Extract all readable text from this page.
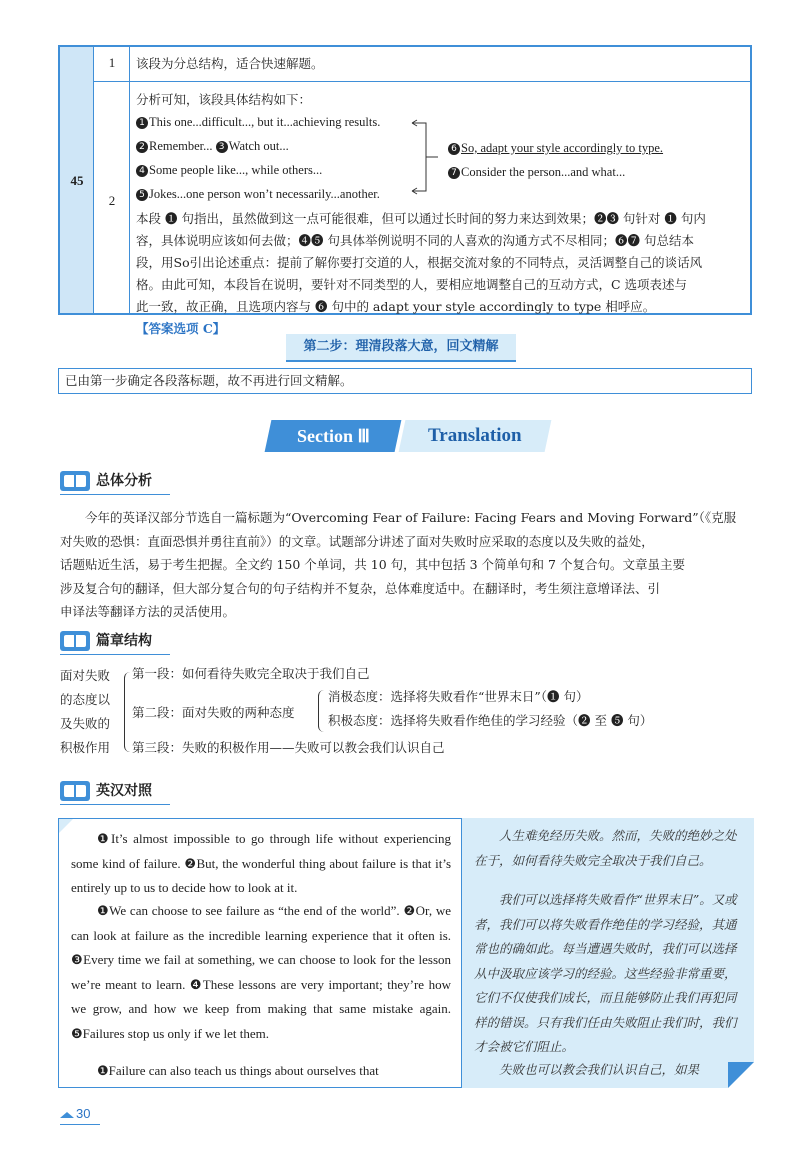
45
1
2
该段为分总结构，适合快速解题。
分析可知，该段具体结构如下：
1 This one...difficult..., but it...achieving results.
2 Remember... 3 Watch out...
4 Some people like..., while others...
5 Jokes...one person won’t necessarily...another.
6 So, adapt your style accordingly to type.
7 Consider the person...and what...
本段 ❶ 句指出，虽然做到这一点可能很难，但可以通过长时间的努力来达到效果；❷❸ 句针对 ❶ 句内
容，具体说明应该如何去做；❹❺ 句具体举例说明不同的人喜欢的沟通方式不尽相同；❻❼ 句总结本
段，用So引出论述重点：提前了解你要打交道的人，根据交流对象的不同特点，灵活调整自己的谈话风
格。由此可知，本段旨在说明，要针对不同类型的人，要相应地调整自己的互动方式，C 选项表述与
此一致，故正确，且选项内容与 ❻ 句中的 adapt your style accordingly to type 相呼应。 【答案选项 C】
第二步：理清段落大意，回文精解
已由第一步确定各段落标题，故不再进行回文精解。
Section Ⅲ	Translation
总体分析
今年的英译汉部分节选自一篇标题为“Overcoming Fear of Failure: Facing Fears and Moving Forward”（《克服
对失败的恐惧：直面恐惧并勇往直前》）的文章。试题部分讲述了面对失败时应采取的态度以及失败的益处，
话题贴近生活，易于考生把握。全文约 150 个单词，共 10 句，其中包括 3 个简单句和 7 个复合句。文章虽主要
涉及复合句的翻译，但大部分复合句的句子结构并不复杂，总体难度适中。在翻译时，考生须注意增译法、引
申译法等翻译方法的灵活使用。
篇章结构
面对失败
的态度以
及失败的
积极作用
第一段：如何看待失败完全取决于我们自己
第二段：面对失败的两种态度
消极态度：选择将失败看作“世界末日”（❶ 句）
积极态度：选择将失败看作绝佳的学习经验（❷ 至 ❺ 句）
第三段：失败的积极作用——失败可以教会我们认识自己
英汉对照
❶It’s almost impossible to go through life without experiencing some kind of failure. ❷But, the wonderful thing about failure is that it’s entirely up to us to decide how to look at it.
❶We can choose to see failure as “the end of the world”. ❷Or, we can look at failure as the incredible learning experience that it often is. ❸Every time we fail at something, we can choose to look for the lesson we’re meant to learn. ❹These lessons are very important; they’re how we grow, and how we keep from making that same mistake again. ❺Failures stop us only if we let them.
❶Failure can also teach us things about ourselves that
人生难免经历失败。然而，失败的绝妙之处在于，如何看待失败完全取决于我们自己。
我们可以选择将失败看作“世界末日”。又或者，我们可以将失败看作绝佳的学习经验，其通常也的确如此。每当遭遇失败时，我们可以选择从中汲取应该学习的经验。这些经验非常重要，它们不仅使我们成长，而且能够防止我们再犯同样的错误。只有我们任由失败阻止我们时，我们才会被它们阻止。
失败也可以教会我们认识自己，如果
30
